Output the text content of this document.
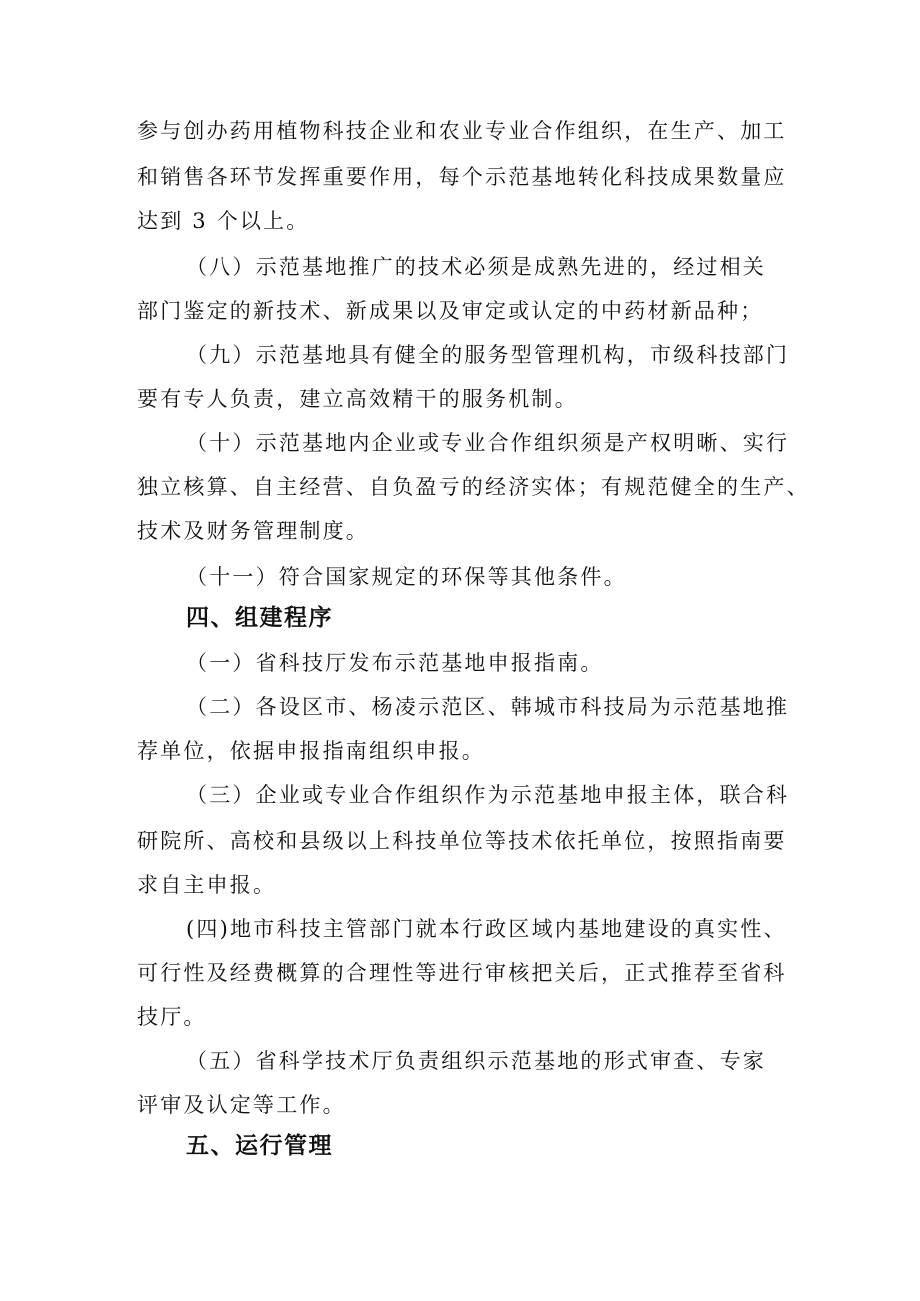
参与创办药用植物科技企业和农业专业合作组织，在生产、加工
和销售各环节发挥重要作用，每个示范基地转化科技成果数量应
达到 3 个以上。
（八）示范基地推广的技术必须是成熟先进的，经过相关
部门鉴定的新技术、新成果以及审定或认定的中药材新品种；
（九）示范基地具有健全的服务型管理机构，市级科技部门
要有专人负责，建立高效精干的服务机制。
（十）示范基地内企业或专业合作组织须是产权明晰、实行
独立核算、自主经营、自负盈亏的经济实体；有规范健全的生产、
技术及财务管理制度。
（十一）符合国家规定的环保等其他条件。
四、组建程序
（一）省科技厅发布示范基地申报指南。
（二）各设区市、杨凌示范区、韩城市科技局为示范基地推
荐单位，依据申报指南组织申报。
（三）企业或专业合作组织作为示范基地申报主体，联合科
研院所、高校和县级以上科技单位等技术依托单位，按照指南要
求自主申报。
(四)地市科技主管部门就本行政区域内基地建设的真实性、
可行性及经费概算的合理性等进行审核把关后，正式推荐至省科
技厅。
（五）省科学技术厅负责组织示范基地的形式审查、专家
评审及认定等工作。
五、运行管理
